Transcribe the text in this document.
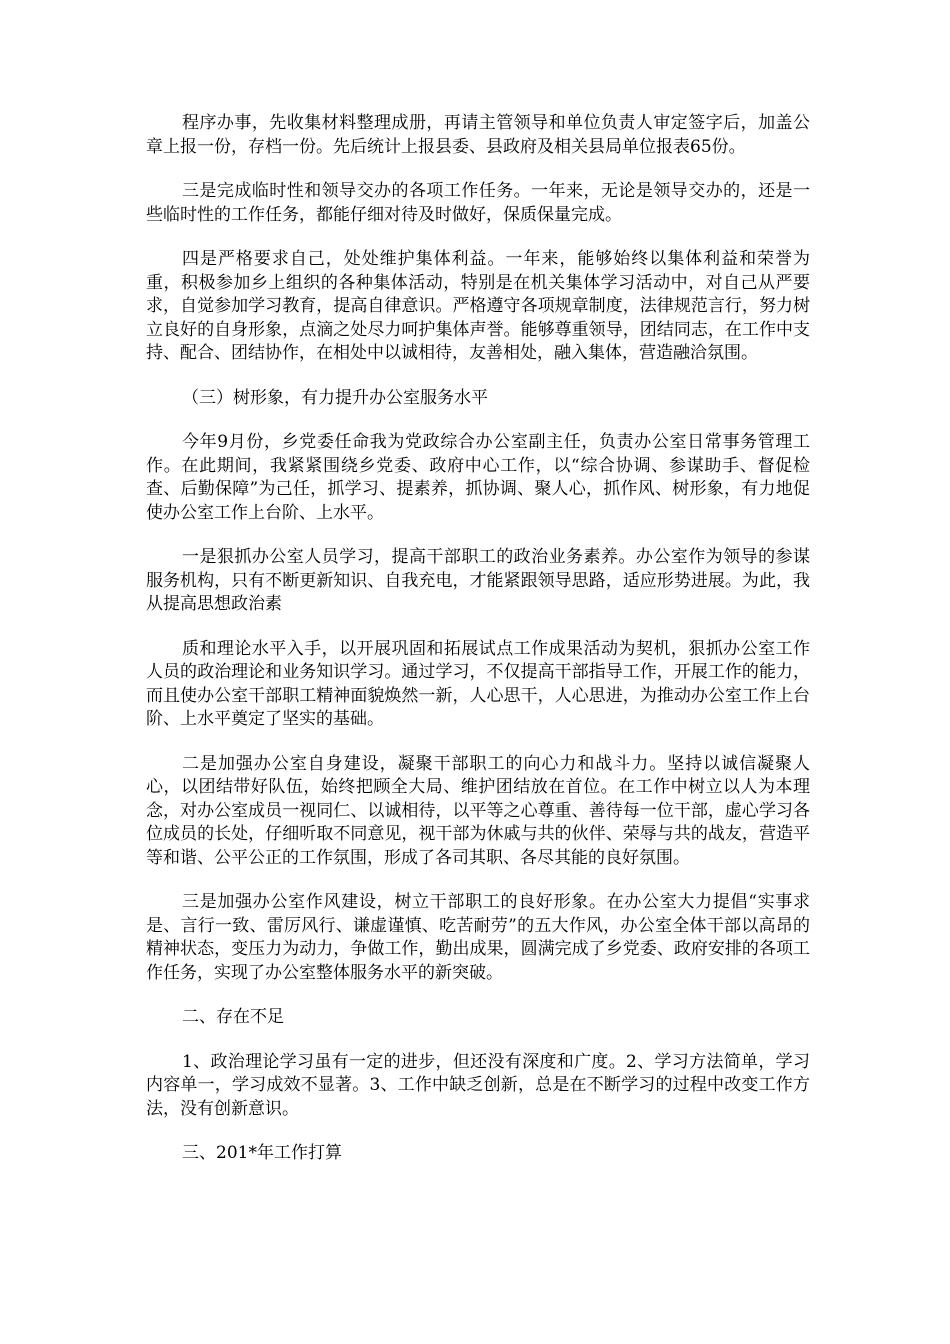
程序办事，先收集材料整理成册，再请主管领导和单位负责人审定签字后，加盖公章上报一份，存档一份。先后统计上报县委、县政府及相关县局单位报表65份。

三是完成临时性和领导交办的各项工作任务。一年来，无论是领导交办的，还是一些临时性的工作任务，都能仔细对待及时做好，保质保量完成。

四是严格要求自己，处处维护集体利益。一年来，能够始终以集体利益和荣誉为重，积极参加乡上组织的各种集体活动，特别是在机关集体学习活动中，对自己从严要求，自觉参加学习教育，提高自律意识。严格遵守各项规章制度，法律规范言行，努力树立良好的自身形象，点滴之处尽力呵护集体声誉。能够尊重领导，团结同志，在工作中支持、配合、团结协作，在相处中以诚相待，友善相处，融入集体，营造融洽氛围。

（三）树形象，有力提升办公室服务水平

今年9月份，乡党委任命我为党政综合办公室副主任，负责办公室日常事务管理工作。在此期间，我紧紧围绕乡党委、政府中心工作，以“综合协调、参谋助手、督促检查、后勤保障”为己任，抓学习、提素养，抓协调、聚人心，抓作风、树形象，有力地促使办公室工作上台阶、上水平。

一是狠抓办公室人员学习，提高干部职工的政治业务素养。办公室作为领导的参谋服务机构，只有不断更新知识、自我充电，才能紧跟领导思路，适应形势进展。为此，我从提高思想政治素

质和理论水平入手，以开展巩固和拓展试点工作成果活动为契机，狠抓办公室工作人员的政治理论和业务知识学习。通过学习，不仅提高干部指导工作，开展工作的能力，而且使办公室干部职工精神面貌焕然一新，人心思干，人心思进，为推动办公室工作上台阶、上水平奠定了坚实的基础。

二是加强办公室自身建设，凝聚干部职工的向心力和战斗力。坚持以诚信凝聚人心，以团结带好队伍，始终把顾全大局、维护团结放在首位。在工作中树立以人为本理念，对办公室成员一视同仁、以诚相待，以平等之心尊重、善待每一位干部，虚心学习各位成员的长处，仔细听取不同意见，视干部为休戚与共的伙伴、荣辱与共的战友，营造平等和谐、公平公正的工作氛围，形成了各司其职、各尽其能的良好氛围。

三是加强办公室作风建设，树立干部职工的良好形象。在办公室大力提倡“实事求是、言行一致、雷厉风行、谦虚谨慎、吃苦耐劳”的五大作风，办公室全体干部以高昂的精神状态，变压力为动力，争做工作，勤出成果，圆满完成了乡党委、政府安排的各项工作任务，实现了办公室整体服务水平的新突破。

二、存在不足

1、政治理论学习虽有一定的进步，但还没有深度和广度。2、学习方法简单，学习内容单一，学习成效不显著。3、工作中缺乏创新，总是在不断学习的过程中改变工作方法，没有创新意识。

三、201*年工作打算
